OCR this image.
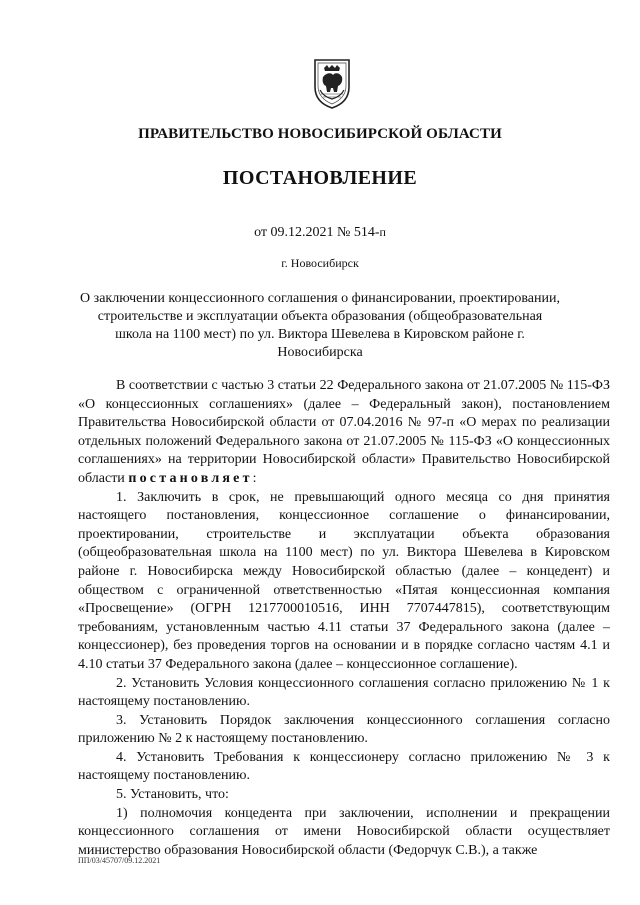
ПРАВИТЕЛЬСТВО НОВОСИБИРСКОЙ ОБЛАСТИ
ПОСТАНОВЛЕНИЕ
от 09.12.2021 № 514-п
г. Новосибирск
О заключении концессионного соглашения о финансировании, проектировании, строительстве и эксплуатации объекта образования (общеобразовательная школа на 1100 мест) по ул. Виктора Шевелева в Кировском районе г. Новосибирска

В соответствии с частью 3 статьи 22 Федерального закона от 21.07.2005 № 115-ФЗ «О концессионных соглашениях» (далее – Федеральный закон), постановлением Правительства Новосибирской области от 07.04.2016 № 97-п «О мерах по реализации отдельных положений Федерального закона от 21.07.2005 № 115-ФЗ «О концессионных соглашениях» на территории Новосибирской области» Правительство Новосибирской области постановляет:

1. Заключить в срок, не превышающий одного месяца со дня принятия настоящего постановления, концессионное соглашение о финансировании, проектировании, строительстве и эксплуатации объекта образования (общеобразовательная школа на 1100 мест) по ул. Виктора Шевелева в Кировском районе г. Новосибирска между Новосибирской областью (далее – концедент) и обществом с ограниченной ответственностью «Пятая концессионная компания «Просвещение» (ОГРН 1217700010516, ИНН 7707447815), соответствующим требованиям, установленным частью 4.11 статьи 37 Федерального закона (далее – концессионер), без проведения торгов на основании и в порядке согласно частям 4.1 и 4.10 статьи 37 Федерального закона (далее – концессионное соглашение).

2. Установить Условия концессионного соглашения согласно приложению № 1 к настоящему постановлению.

3. Установить Порядок заключения концессионного соглашения согласно приложению № 2 к настоящему постановлению.

4. Установить Требования к концессионеру согласно приложению № 3 к настоящему постановлению.

5. Установить, что:

1) полномочия концедента при заключении, исполнении и прекращении концессионного соглашения от имени Новосибирской области осуществляет министерство образования Новосибирской области (Федорчук С.В.), а также

ПП/03/45707/09.12.2021
